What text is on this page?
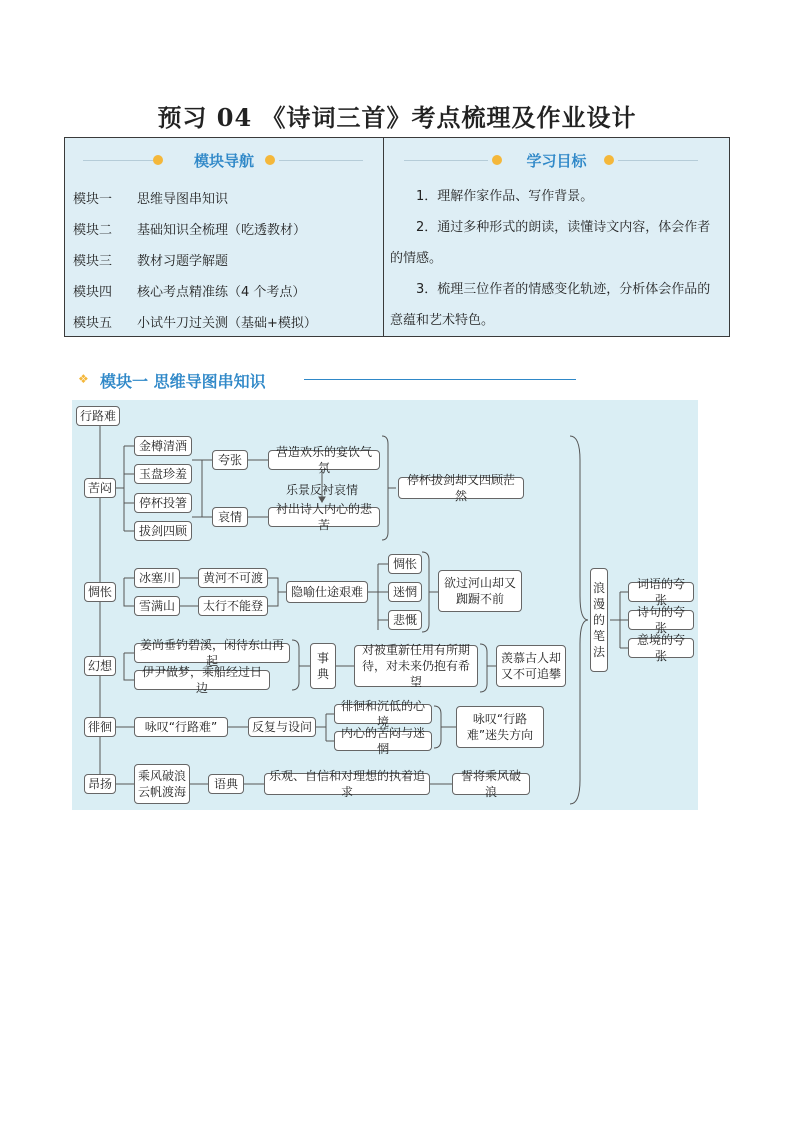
预习 04 《诗词三首》考点梳理及作业设计
模块导航
模块一 思维导图串知识
模块二 基础知识全梳理（吃透教材）
模块三 教材习题学解题
模块四 核心考点精准练（4 个考点）
模块五 小试牛刀过关测（基础+模拟）
学习目标
1．理解作家作品、写作背景。
2．通过多种形式的朗读，读懂诗文内容，体会作者的情感。
3．梳理三位作者的情感变化轨迹，分析体会作品的意蕴和艺术特色。
❖ 模块一 思维导图串知识
行路难
苦闷
金樽清酒
玉盘珍羞
停杯投箸
拔剑四顾
夸张
营造欢乐的宴饮气氛
乐景反衬哀情
哀情
衬出诗人内心的悲苦
停杯拔剑却又四顾茫然
惆怅
冰塞川	黄河不可渡
雪满山	太行不能登
隐喻仕途艰难
惆怅
迷惘
悲慨
欲过河山却又踟蹰不前
幻想
姜尚垂钓碧溪，闲待东山再起
伊尹做梦，乘船经过日边
事典
对被重新任用有所期待，对未来仍抱有希望
羡慕古人却又不可追攀
徘徊	咏叹“行路难”	反复与设问
徘徊和沉低的心境
内心的苦闷与迷惘
咏叹“行路难”迷失方向
昂扬
乘风破浪云帆渡海
语典
乐观、自信和对理想的执着追求
誓将乘风破浪
浪漫的笔法
词语的夸张
诗句的夸张
意境的夸张
